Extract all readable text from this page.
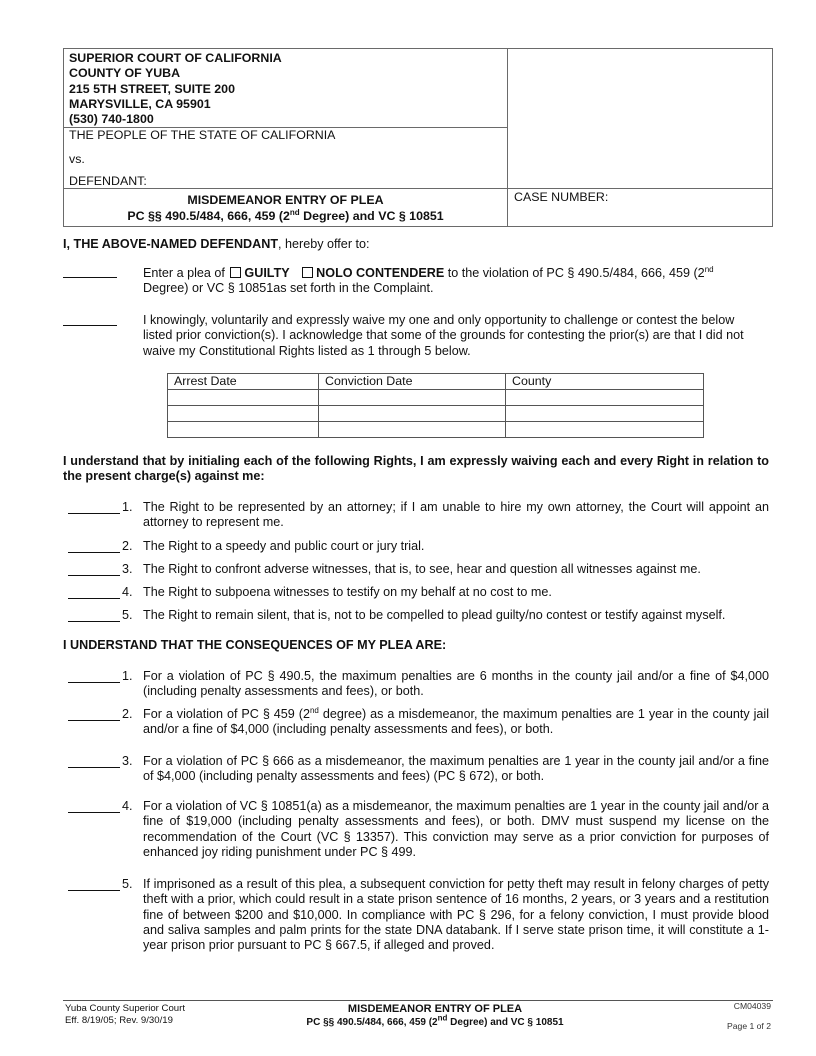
SUPERIOR COURT OF CALIFORNIA
COUNTY OF YUBA
215 5TH STREET, SUITE 200
MARYSVILLE, CA 95901
(530) 740-1800
THE PEOPLE OF THE STATE OF CALIFORNIA
vs.
DEFENDANT:
MISDEMEANOR ENTRY OF PLEA
PC §§ 490.5/484, 666, 459 (2nd Degree) and VC § 10851
CASE NUMBER:
I, THE ABOVE-NAMED DEFENDANT, hereby offer to:
Enter a plea of GUILTY NOLO CONTENDERE to the violation of PC § 490.5/484, 666, 459 (2nd
Degree) or VC § 10851as set forth in the Complaint.
I knowingly, voluntarily and expressly waive my one and only opportunity to challenge or contest the below listed prior conviction(s). I acknowledge that some of the grounds for contesting the prior(s) are that I did not waive my Constitutional Rights listed as 1 through 5 below.
Arrest Date	Conviction Date	County

I understand that by initialing each of the following Rights, I am expressly waiving each and every Right in relation to the present charge(s) against me:
1. The Right to be represented by an attorney; if I am unable to hire my own attorney, the Court will appoint an attorney to represent me.
2. The Right to a speedy and public court or jury trial.
3. The Right to confront adverse witnesses, that is, to see, hear and question all witnesses against me.
4. The Right to subpoena witnesses to testify on my behalf at no cost to me.
5. The Right to remain silent, that is, not to be compelled to plead guilty/no contest or testify against myself.
I UNDERSTAND THAT THE CONSEQUENCES OF MY PLEA ARE:
1. For a violation of PC § 490.5, the maximum penalties are 6 months in the county jail and/or a fine of $4,000 (including penalty assessments and fees), or both.
2. For a violation of PC § 459 (2nd degree) as a misdemeanor, the maximum penalties are 1 year in the county jail and/or a fine of $4,000 (including penalty assessments and fees), or both.
3. For a violation of PC § 666 as a misdemeanor, the maximum penalties are 1 year in the county jail and/or a fine of $4,000 (including penalty assessments and fees) (PC § 672), or both.
4. For a violation of VC § 10851(a) as a misdemeanor, the maximum penalties are 1 year in the county jail and/or a fine of $19,000 (including penalty assessments and fees), or both. DMV must suspend my license on the recommendation of the Court (VC § 13357). This conviction may serve as a prior conviction for purposes of enhanced joy riding punishment under PC § 499.
5. If imprisoned as a result of this plea, a subsequent conviction for petty theft may result in felony charges of petty theft with a prior, which could result in a state prison sentence of 16 months, 2 years, or 3 years and a restitution fine of between $200 and $10,000. In compliance with PC § 296, for a felony conviction, I must provide blood and saliva samples and palm prints for the state DNA databank. If I serve state prison time, it will constitute a 1-year prison prior pursuant to PC § 667.5, if alleged and proved.
Yuba County Superior Court
Eff. 8/19/05; Rev. 9/30/19
MISDEMEANOR ENTRY OF PLEA
PC §§ 490.5/484, 666, 459 (2nd Degree) and VC § 10851
CM04039
Page 1 of 2
